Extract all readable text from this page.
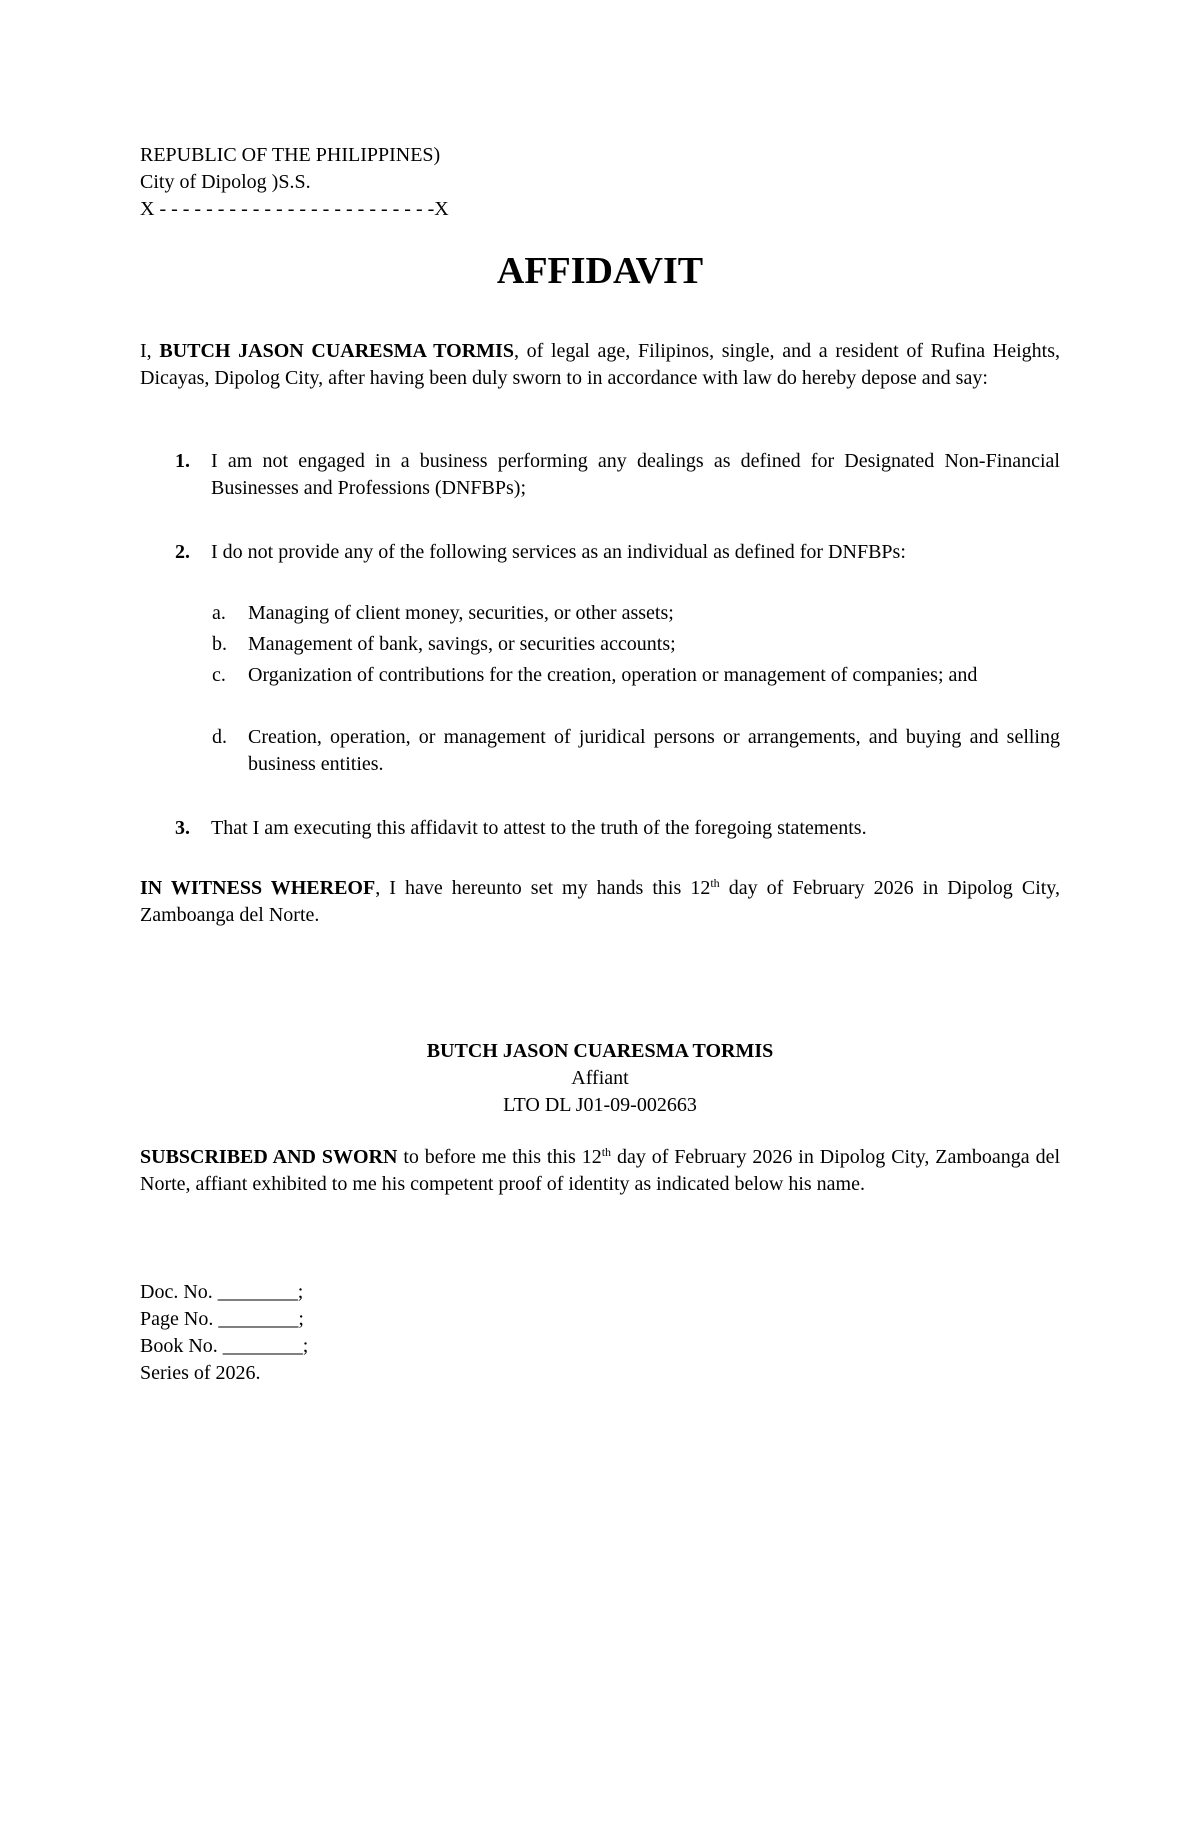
REPUBLIC OF THE PHILIPPINES)
City of Dipolog )S.S.
X - - - - - - - - - - - - - - - - - - - - - - - -X
AFFIDAVIT

I, BUTCH JASON CUARESMA TORMIS, of legal age, Filipinos, single, and a resident of Rufina Heights, Dicayas, Dipolog City, after having been duly sworn to in accordance with law do hereby depose and say:

1.	I am not engaged in a business performing any dealings as defined for Designated Non-Financial Businesses and Professions (DNFBPs);
2.	I do not provide any of the following services as an individual as defined for DNFBPs:
a.	Managing of client money, securities, or other assets;
b.	Management of bank, savings, or securities accounts;
c.	Organization of contributions for the creation, operation or management of companies; and
d.	Creation, operation, or management of juridical persons or arrangements, and buying and selling business entities.
3.	That I am executing this affidavit to attest to the truth of the foregoing statements.

IN WITNESS WHEREOF, I have hereunto set my hands this 12th day of February 2026 in Dipolog City, Zamboanga del Norte.

BUTCH JASON CUARESMA TORMIS
Affiant
LTO DL J01-09-002663

SUBSCRIBED AND SWORN to before me this this 12th day of February 2026 in Dipolog City, Zamboanga del Norte, affiant exhibited to me his competent proof of identity as indicated below his name.

Doc. No. ________;
Page No. ________;
Book No. ________;
Series of 2026.
